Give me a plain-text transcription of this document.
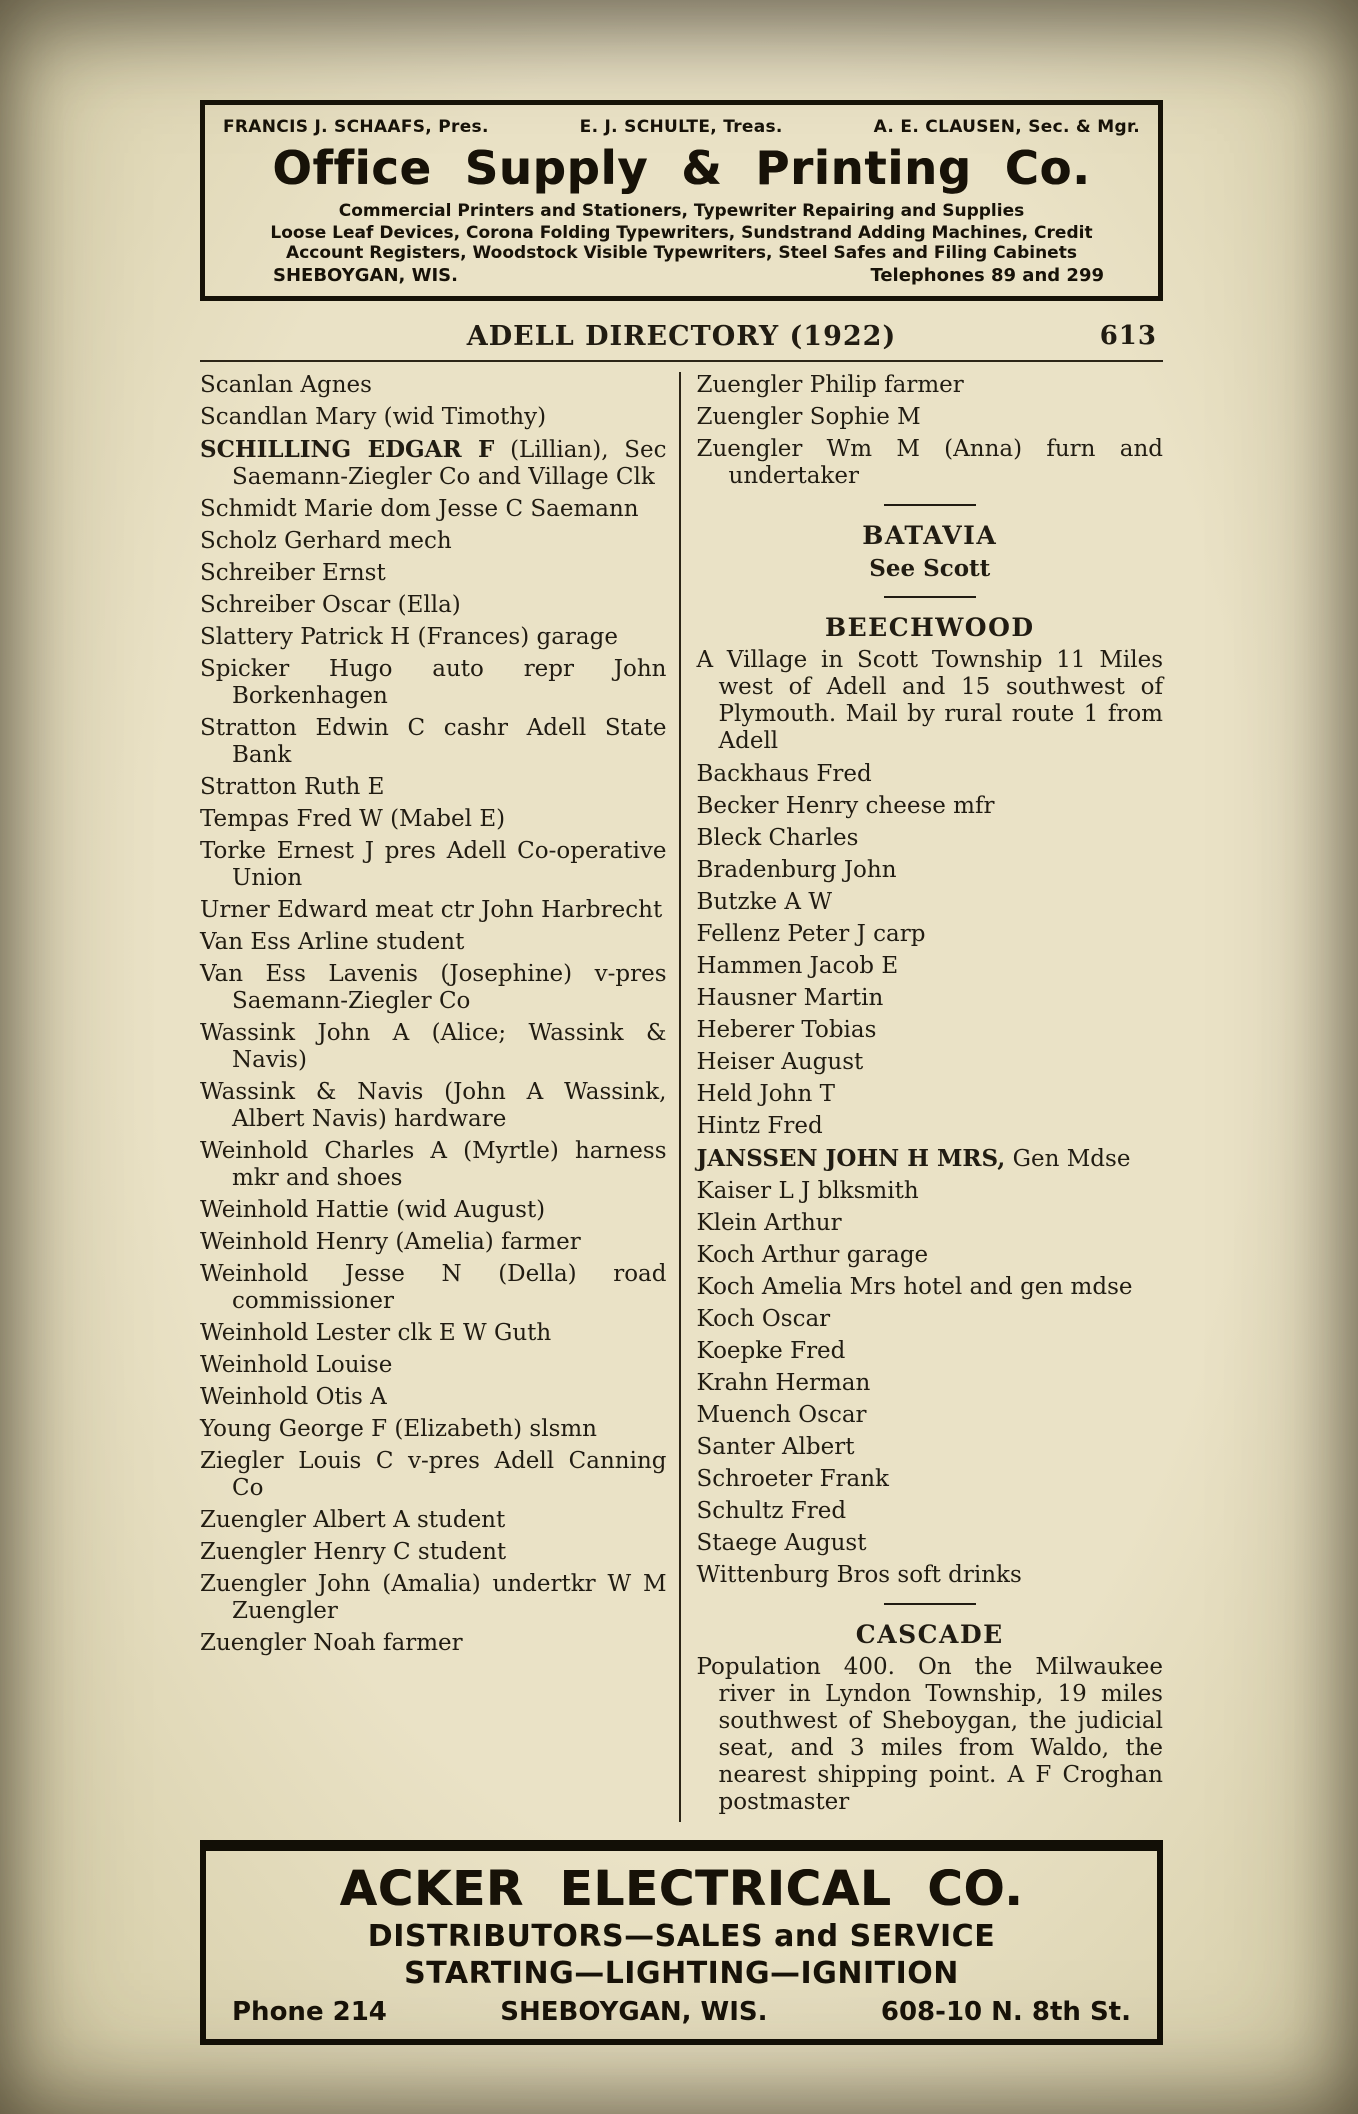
FRANCIS J. SCHAAFS, Pres.	E. J. SCHULTE, Treas.	A. E. CLAUSEN, Sec. & Mgr.
Office Supply & Printing Co.
Commercial Printers and Stationers, Typewriter Repairing and Supplies
Loose Leaf Devices, Corona Folding Typewriters, Sundstrand Adding Machines, Credit Account Registers, Woodstock Visible Typewriters, Steel Safes and Filing Cabinets
SHEBOYGAN, WIS.	Telephones 89 and 299
ADELL DIRECTORY (1922)	613

Scanlan Agnes

Scandlan Mary (wid Timothy)

SCHILLING EDGAR F (Lillian), Sec Saemann-Ziegler Co and Village Clk

Schmidt Marie dom Jesse C Saemann

Scholz Gerhard mech

Schreiber Ernst

Schreiber Oscar (Ella)

Slattery Patrick H (Frances) garage

Spicker Hugo auto repr John Borkenhagen

Stratton Edwin C cashr Adell State Bank

Stratton Ruth E

Tempas Fred W (Mabel E)

Torke Ernest J pres Adell Co-operative Union

Urner Edward meat ctr John Harbrecht

Van Ess Arline student

Van Ess Lavenis (Josephine) v-pres Saemann-Ziegler Co

Wassink John A (Alice; Wassink & Navis)

Wassink & Navis (John A Wassink, Albert Navis) hardware

Weinhold Charles A (Myrtle) harness mkr and shoes

Weinhold Hattie (wid August)

Weinhold Henry (Amelia) farmer

Weinhold Jesse N (Della) road commissioner

Weinhold Lester clk E W Guth

Weinhold Louise

Weinhold Otis A

Young George F (Elizabeth) slsmn

Ziegler Louis C v-pres Adell Canning Co

Zuengler Albert A student

Zuengler Henry C student

Zuengler John (Amalia) undertkr W M Zuengler

Zuengler Noah farmer

Zuengler Philip farmer

Zuengler Sophie M

Zuengler Wm M (Anna) furn and undertaker

BATAVIA
See Scott
BEECHWOOD

A Village in Scott Township 11 Miles west of Adell and 15 southwest of Plymouth. Mail by rural route 1 from Adell

Backhaus Fred

Becker Henry cheese mfr

Bleck Charles

Bradenburg John

Butzke A W

Fellenz Peter J carp

Hammen Jacob E

Hausner Martin

Heberer Tobias

Heiser August

Held John T

Hintz Fred

JANSSEN JOHN H MRS, Gen Mdse

Kaiser L J blksmith

Klein Arthur

Koch Arthur garage

Koch Amelia Mrs hotel and gen mdse

Koch Oscar

Koepke Fred

Krahn Herman

Muench Oscar

Santer Albert

Schroeter Frank

Schultz Fred

Staege August

Wittenburg Bros soft drinks

CASCADE

Population 400. On the Milwaukee river in Lyndon Township, 19 miles southwest of Sheboygan, the judicial seat, and 3 miles from Waldo, the nearest shipping point. A F Croghan postmaster

ACKER ELECTRICAL CO.
DISTRIBUTORS—SALES and SERVICE
STARTING—LIGHTING—IGNITION
Phone 214	SHEBOYGAN, WIS.	608-10 N. 8th St.
